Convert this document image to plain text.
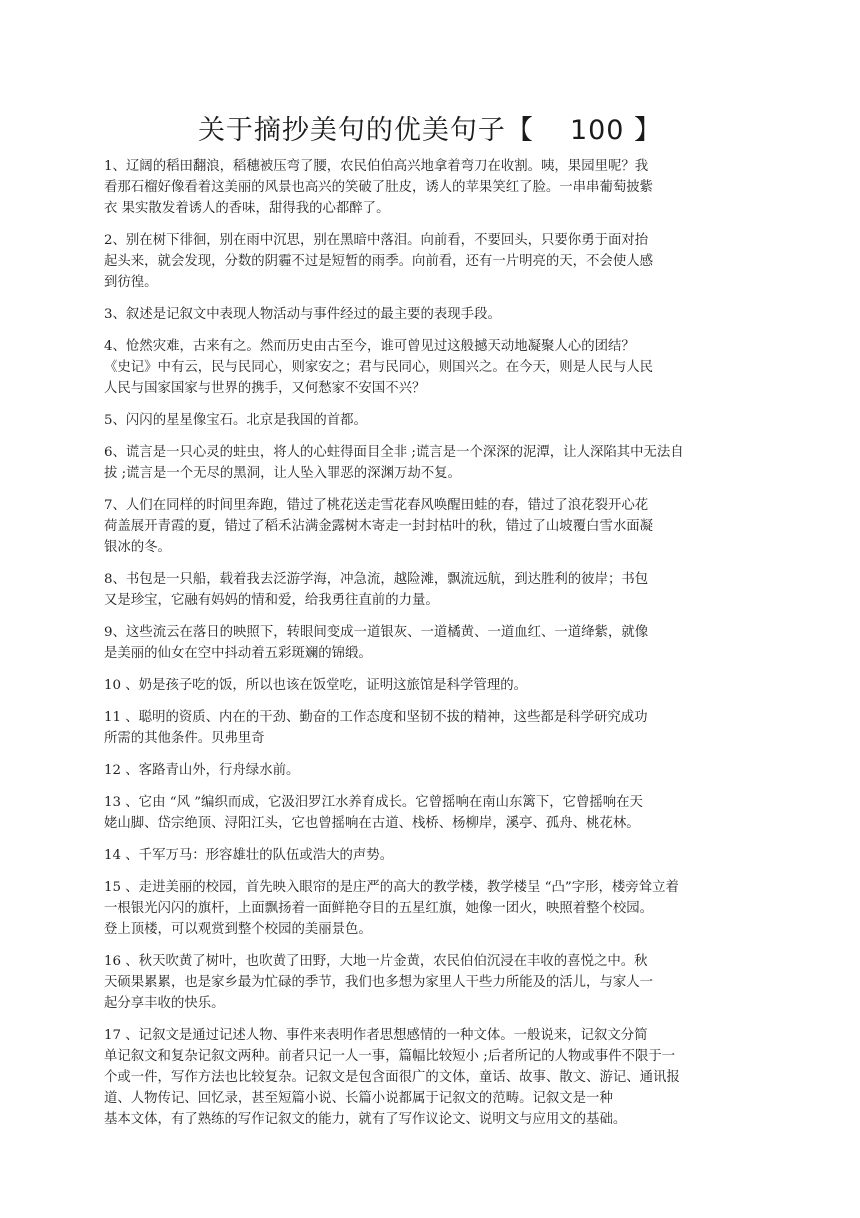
关于摘抄美句的优美句子【 100 】
1、辽阔的稻田翻浪，稻穗被压弯了腰，农民伯伯高兴地拿着弯刀在收割。咦，果园里呢？我
看那石榴好像看着这美丽的风景也高兴的笑破了肚皮，诱人的苹果笑红了脸。一串串葡萄披紫
衣 果实散发着诱人的香味，甜得我的心都醉了。
2、别在树下徘徊，别在雨中沉思，别在黑暗中落泪。向前看，不要回头，只要你勇于面对抬
起头来，就会发现，分数的阴霾不过是短暂的雨季。向前看，还有一片明亮的天，不会使人感
到彷徨。
3、叙述是记叙文中表现人物活动与事件经过的最主要的表现手段。
4、怆然灾难，古来有之。然而历史由古至今，谁可曾见过这般撼天动地凝聚人心的团结？
《史记》中有云，民与民同心，则家安之；君与民同心，则国兴之。在今天，则是人民与人民
人民与国家国家与世界的携手，又何愁家不安国不兴？
5、闪闪的星星像宝石。北京是我国的首都。
6、谎言是一只心灵的蛀虫，将人的心蛀得面目全非 ;谎言是一个深深的泥潭，让人深陷其中无法自
拔 ;谎言是一个无尽的黑洞，让人坠入罪恶的深渊万劫不复。
7、人们在同样的时间里奔跑，错过了桃花送走雪花春风唤醒田蛙的春，错过了浪花裂开心花
荷盖展开青霞的夏，错过了稻禾沾满金露树木寄走一封封枯叶的秋，错过了山坡覆白雪水面凝
银冰的冬。
8、书包是一只船，载着我去泛游学海，冲急流，越险滩，飘流远航，到达胜利的彼岸；书包
又是珍宝，它融有妈妈的情和爱，给我勇往直前的力量。
9、这些流云在落日的映照下，转眼间变成一道银灰、一道橘黄、一道血红、一道绛紫，就像
是美丽的仙女在空中抖动着五彩斑斓的锦缎。
10 、奶是孩子吃的饭，所以也该在饭堂吃，证明这旅馆是科学管理的。
11 、聪明的资质、内在的干劲、勤奋的工作态度和坚韧不拔的精神，这些都是科学研究成功
所需的其他条件。贝弗里奇
12 、客路青山外，行舟绿水前。
13 、它由 “风 ”编织而成，它汲汨罗江水养育成长。它曾摇响在南山东篱下，它曾摇响在天
姥山脚、岱宗绝顶、浔阳江头，它也曾摇响在古道、栈桥、杨柳岸，溪亭、孤舟、桃花林。
14 、千军万马：形容雄壮的队伍或浩大的声势。
15 、走进美丽的校园，首先映入眼帘的是庄严的高大的教学楼，教学楼呈 “凸”字形，楼旁耸立着
一根银光闪闪的旗杆，上面飘扬着一面鲜艳夺目的五星红旗，她像一团火，映照着整个校园。
登上顶楼，可以观赏到整个校园的美丽景色。
16 、秋天吹黄了树叶，也吹黄了田野，大地一片金黄，农民伯伯沉浸在丰收的喜悦之中。秋
天硕果累累，也是家乡最为忙碌的季节，我们也多想为家里人干些力所能及的活儿，与家人一
起分享丰收的快乐。
17 、记叙文是通过记述人物、事件来表明作者思想感情的一种文体。一般说来，记叙文分简
单记叙文和复杂记叙文两种。前者只记一人一事，篇幅比较短小 ;后者所记的人物或事件不限于一
个或一件，写作方法也比较复杂。记叙文是包含面很广的文体，童话、故事、散文、游记、通讯报
道、人物传记、回忆录，甚至短篇小说、长篇小说都属于记叙文的范畴。记叙文是一种
基本文体，有了熟练的写作记叙文的能力，就有了写作议论文、说明文与应用文的基础。
